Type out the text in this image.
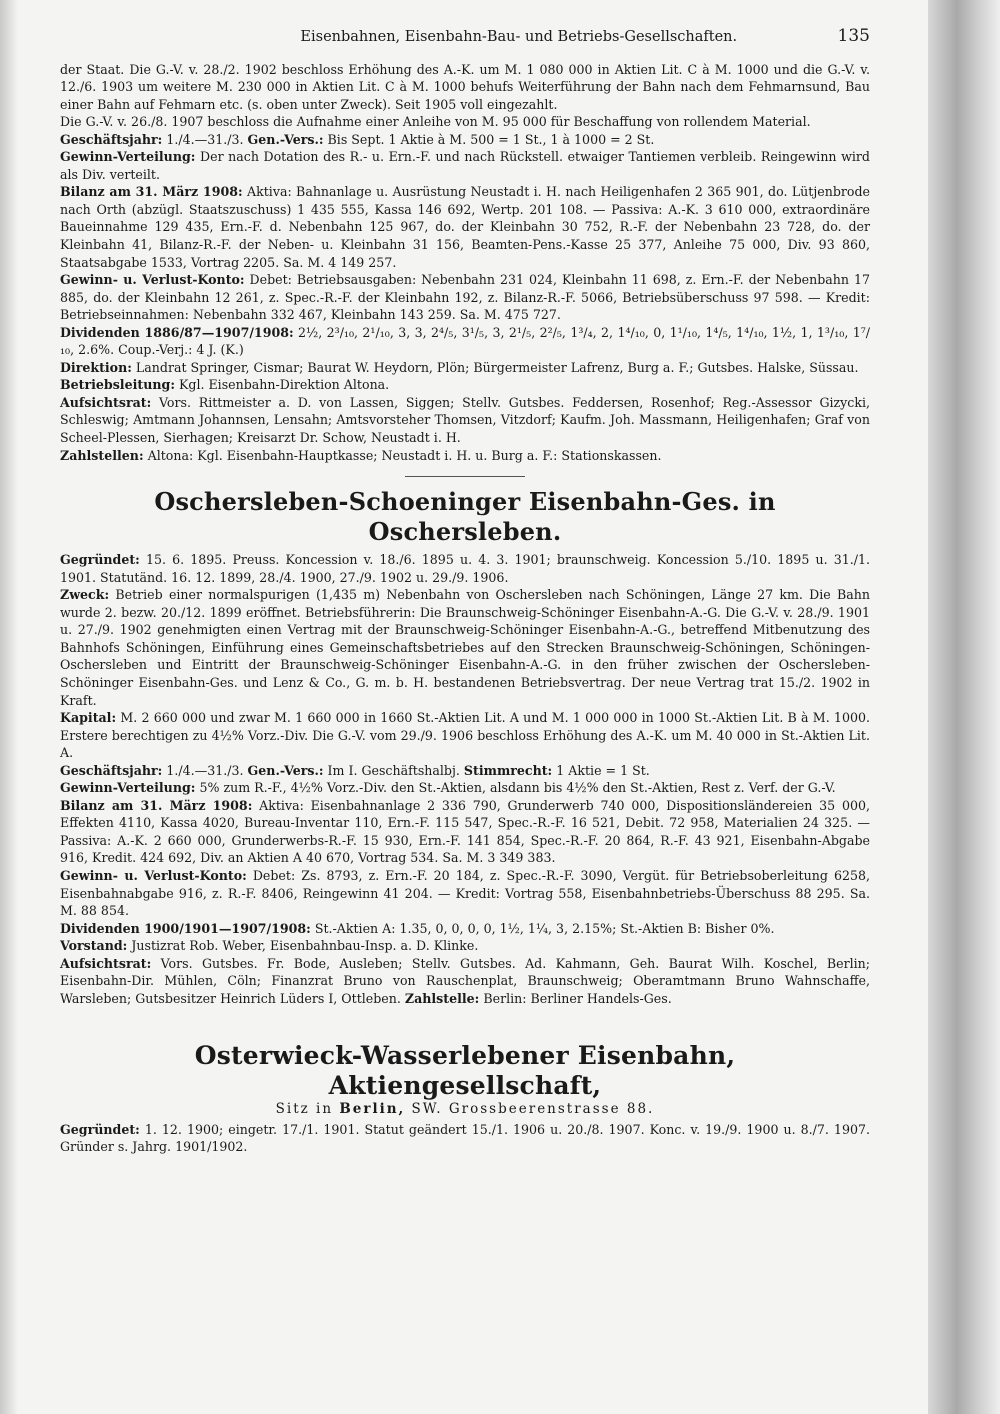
Eisenbahnen, Eisenbahn-Bau- und Betriebs-Gesellschaften.	135

der Staat. Die G.-V. v. 28./2. 1902 beschloss Erhöhung des A.-K. um M. 1 080 000 in Aktien Lit. C à M. 1000 und die G.-V. v. 12./6. 1903 um weitere M. 230 000 in Aktien Lit. C à M. 1000 behufs Weiterführung der Bahn nach dem Fehmarnsund, Bau einer Bahn auf Fehmarn etc. (s. oben unter Zweck). Seit 1905 voll eingezahlt.

Die G.-V. v. 26./8. 1907 beschloss die Aufnahme einer Anleihe von M. 95 000 für Beschaffung von rollendem Material.

Geschäftsjahr: 1./4.—31./3. Gen.-Vers.: Bis Sept. 1 Aktie à M. 500 = 1 St., 1 à 1000 = 2 St.

Gewinn-Verteilung: Der nach Dotation des R.- u. Ern.-F. und nach Rückstell. etwaiger Tantiemen verbleib. Reingewinn wird als Div. verteilt.

Bilanz am 31. März 1908: Aktiva: Bahnanlage u. Ausrüstung Neustadt i. H. nach Heiligenhafen 2 365 901, do. Lütjenbrode nach Orth (abzügl. Staatszuschuss) 1 435 555, Kassa 146 692, Wertp. 201 108. — Passiva: A.-K. 3 610 000, extraordinäre Baueinnahme 129 435, Ern.-F. d. Nebenbahn 125 967, do. der Kleinbahn 30 752, R.-F. der Nebenbahn 23 728, do. der Kleinbahn 41, Bilanz-R.-F. der Neben- u. Kleinbahn 31 156, Beamten-Pens.-Kasse 25 377, Anleihe 75 000, Div. 93 860, Staatsabgabe 1533, Vortrag 2205. Sa. M. 4 149 257.

Gewinn- u. Verlust-Konto: Debet: Betriebsausgaben: Nebenbahn 231 024, Kleinbahn 11 698, z. Ern.-F. der Nebenbahn 17 885, do. der Kleinbahn 12 261, z. Spec.-R.-F. der Kleinbahn 192, z. Bilanz-R.-F. 5066, Betriebsüberschuss 97 598. — Kredit: Betriebseinnahmen: Nebenbahn 332 467, Kleinbahn 143 259. Sa. M. 475 727.

Dividenden 1886/87—1907/1908: 2½, 2³/₁₀, 2¹/₁₀, 3, 3, 2⁴/₅, 3¹/₅, 3, 2¹/₅, 2²/₅, 1³/₄, 2, 1⁴/₁₀, 0, 1¹/₁₀, 1⁴/₅, 1⁴/₁₀, 1½, 1, 1³/₁₀, 1⁷/₁₀, 2.6%. Coup.-Verj.: 4 J. (K.)

Direktion: Landrat Springer, Cismar; Baurat W. Heydorn, Plön; Bürgermeister Lafrenz, Burg a. F.; Gutsbes. Halske, Süssau.

Betriebsleitung: Kgl. Eisenbahn-Direktion Altona.

Aufsichtsrat: Vors. Rittmeister a. D. von Lassen, Siggen; Stellv. Gutsbes. Feddersen, Rosenhof; Reg.-Assessor Gizycki, Schleswig; Amtmann Johannsen, Lensahn; Amtsvorsteher Thomsen, Vitzdorf; Kaufm. Joh. Massmann, Heiligenhafen; Graf von Scheel-Plessen, Sierhagen; Kreisarzt Dr. Schow, Neustadt i. H.

Zahlstellen: Altona: Kgl. Eisenbahn-Hauptkasse; Neustadt i. H. u. Burg a. F.: Stationskassen.

Oschersleben-Schoeninger Eisenbahn-Ges. in Oschersleben.

Gegründet: 15. 6. 1895. Preuss. Koncession v. 18./6. 1895 u. 4. 3. 1901; braunschweig. Koncession 5./10. 1895 u. 31./1. 1901. Statutänd. 16. 12. 1899, 28./4. 1900, 27./9. 1902 u. 29./9. 1906.

Zweck: Betrieb einer normalspurigen (1,435 m) Nebenbahn von Oschersleben nach Schöningen, Länge 27 km. Die Bahn wurde 2. bezw. 20./12. 1899 eröffnet. Betriebsführerin: Die Braunschweig-Schöninger Eisenbahn-A.-G. Die G.-V. v. 28./9. 1901 u. 27./9. 1902 genehmigten einen Vertrag mit der Braunschweig-Schöninger Eisenbahn-A.-G., betreffend Mitbenutzung des Bahnhofs Schöningen, Einführung eines Gemeinschaftsbetriebes auf den Strecken Braunschweig-Schöningen, Schöningen-Oschersleben und Eintritt der Braunschweig-Schöninger Eisenbahn-A.-G. in den früher zwischen der Oschersleben-Schöninger Eisenbahn-Ges. und Lenz & Co., G. m. b. H. bestandenen Betriebsvertrag. Der neue Vertrag trat 15./2. 1902 in Kraft.

Kapital: M. 2 660 000 und zwar M. 1 660 000 in 1660 St.-Aktien Lit. A und M. 1 000 000 in 1000 St.-Aktien Lit. B à M. 1000. Erstere berechtigen zu 4½% Vorz.-Div. Die G.-V. vom 29./9. 1906 beschloss Erhöhung des A.-K. um M. 40 000 in St.-Aktien Lit. A.

Geschäftsjahr: 1./4.—31./3. Gen.-Vers.: Im I. Geschäftshalbj. Stimmrecht: 1 Aktie = 1 St.

Gewinn-Verteilung: 5% zum R.-F., 4½% Vorz.-Div. den St.-Aktien, alsdann bis 4½% den St.-Aktien, Rest z. Verf. der G.-V.

Bilanz am 31. März 1908: Aktiva: Eisenbahnanlage 2 336 790, Grunderwerb 740 000, Dispositionsländereien 35 000, Effekten 4110, Kassa 4020, Bureau-Inventar 110, Ern.-F. 115 547, Spec.-R.-F. 16 521, Debit. 72 958, Materialien 24 325. — Passiva: A.-K. 2 660 000, Grunderwerbs-R.-F. 15 930, Ern.-F. 141 854, Spec.-R.-F. 20 864, R.-F. 43 921, Eisenbahn-Abgabe 916, Kredit. 424 692, Div. an Aktien A 40 670, Vortrag 534. Sa. M. 3 349 383.

Gewinn- u. Verlust-Konto: Debet: Zs. 8793, z. Ern.-F. 20 184, z. Spec.-R.-F. 3090, Vergüt. für Betriebsoberleitung 6258, Eisenbahnabgabe 916, z. R.-F. 8406, Reingewinn 41 204. — Kredit: Vortrag 558, Eisenbahnbetriebs-Überschuss 88 295. Sa. M. 88 854.

Dividenden 1900/1901—1907/1908: St.-Aktien A: 1.35, 0, 0, 0, 0, 1½, 1¼, 3, 2.15%; St.-Aktien B: Bisher 0%.

Vorstand: Justizrat Rob. Weber, Eisenbahnbau-Insp. a. D. Klinke.

Aufsichtsrat: Vors. Gutsbes. Fr. Bode, Ausleben; Stellv. Gutsbes. Ad. Kahmann, Geh. Baurat Wilh. Koschel, Berlin; Eisenbahn-Dir. Mühlen, Cöln; Finanzrat Bruno von Rauschenplat, Braunschweig; Oberamtmann Bruno Wahnschaffe, Warsleben; Gutsbesitzer Heinrich Lüders I, Ottleben. Zahlstelle: Berlin: Berliner Handels-Ges.

Osterwieck-Wasserlebener Eisenbahn, Aktiengesellschaft,
Sitz in Berlin, SW. Grossbeerenstrasse 88.

Gegründet: 1. 12. 1900; eingetr. 17./1. 1901. Statut geändert 15./1. 1906 u. 20./8. 1907. Konc. v. 19./9. 1900 u. 8./7. 1907. Gründer s. Jahrg. 1901/1902.
